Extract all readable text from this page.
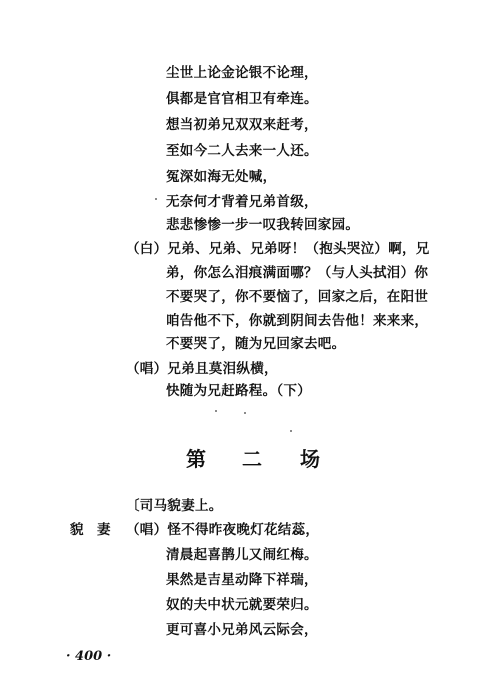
尘世上论金论银不论理，
俱都是官官相卫有牵连。
想当初弟兄双双来赶考，
至如今二人去来一人还。
冤深如海无处喊，
无奈何才背着兄弟首级，
悲悲惨惨一步一叹我转回家园。
（白）兄弟、兄弟、兄弟呀！（抱头哭泣）啊，兄
弟，你怎么泪痕满面哪？（与人头拭泪）你
不要哭了，你不要恼了，回家之后，在阳世
咱告他不下，你就到阴间去告他！来来来，
不要哭了，随为兄回家去吧。
（唱）兄弟且莫泪纵横，
快随为兄赶路程。（下）
第 二 场
〔司马貌妻上。
貌　妻 （唱）怪不得昨夜晚灯花结蕊，
清晨起喜鹊儿又闹红梅。
果然是吉星动降下祥瑞，
奴的夫中状元就要荣归。
更可喜小兄弟风云际会，
· 400 ·
